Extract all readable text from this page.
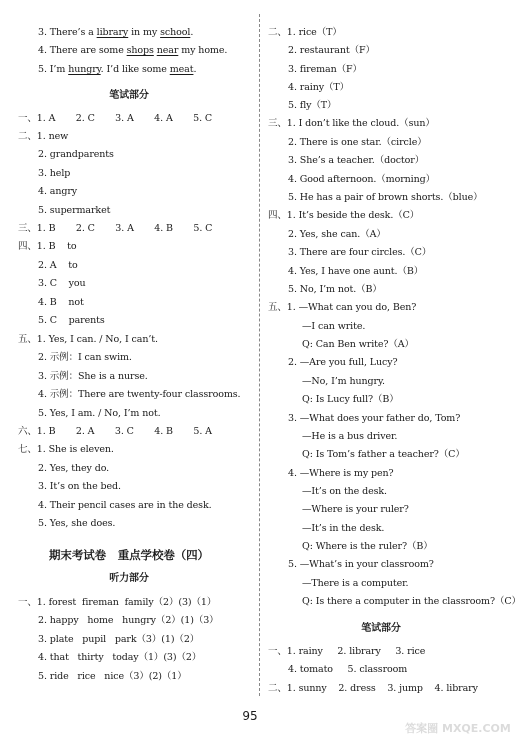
3. There’s a library in my school.
4. There are some shops near my home.
5. I’m hungry. I’d like some meat.
笔试部分
一、1. A       2. C       3. A       4. A       5. C
二、1. new
2. grandparents
3. help
4. angry
5. supermarket
三、1. B       2. C       3. A       4. B       5. C
四、1. B    to
2. A    to
3. C    you
4. B    not
5. C    parents
五、1. Yes, I can. / No, I can’t.
2. 示例：I can swim.
3. 示例：She is a nurse.
4. 示例：There are twenty-four classrooms.
5. Yes, I am. / No, I’m not.
六、1. B       2. A       3. C       4. B       5. A
七、1. She is eleven.
2. Yes, they do.
3. It’s on the bed.
4. Their pencil cases are in the desk.
5. Yes, she does.
期末考试卷   重点学校卷（四）
听力部分
一、1. forest  fireman  family（2）(3)（1）
2. happy   home   hungry（2）(1)（3）
3. plate   pupil   park（3）(1)（2）
4. that   thirty   today（1）(3)（2）
5. ride   rice   nice（3）(2)（1）
二、1. rice（T）
2. restaurant（F）
3. fireman（F）
4. rainy（T）
5. fly（T）
三、1. I don’t like the cloud.（sun）
2. There is one star.（circle）
3. She’s a teacher.（doctor）
4. Good afternoon.（morning）
5. He has a pair of brown shorts.（blue）
四、1. It’s beside the desk.（C）
2. Yes, she can.（A）
3. There are four circles.（C）
4. Yes, I have one aunt.（B）
5. No, I’m not.（B）
五、1. —What can you do, Ben?
—I can write.
Q: Can Ben write?（A）
2. —Are you full, Lucy?
—No, I’m hungry.
Q: Is Lucy full?（B）
3. —What does your father do, Tom?
—He is a bus driver.
Q: Is Tom’s father a teacher?（C）
4. —Where is my pen?
—It’s on the desk.
—Where is your ruler?
—It’s in the desk.
Q: Where is the ruler?（B）
5. —What’s in your classroom?
—There is a computer.
Q: Is there a computer in the classroom?（C）
笔试部分
一、1. rainy     2. library     3. rice
4. tomato     5. classroom
二、1. sunny    2. dress    3. jump    4. library
95
答案圈 MXQE.COM
